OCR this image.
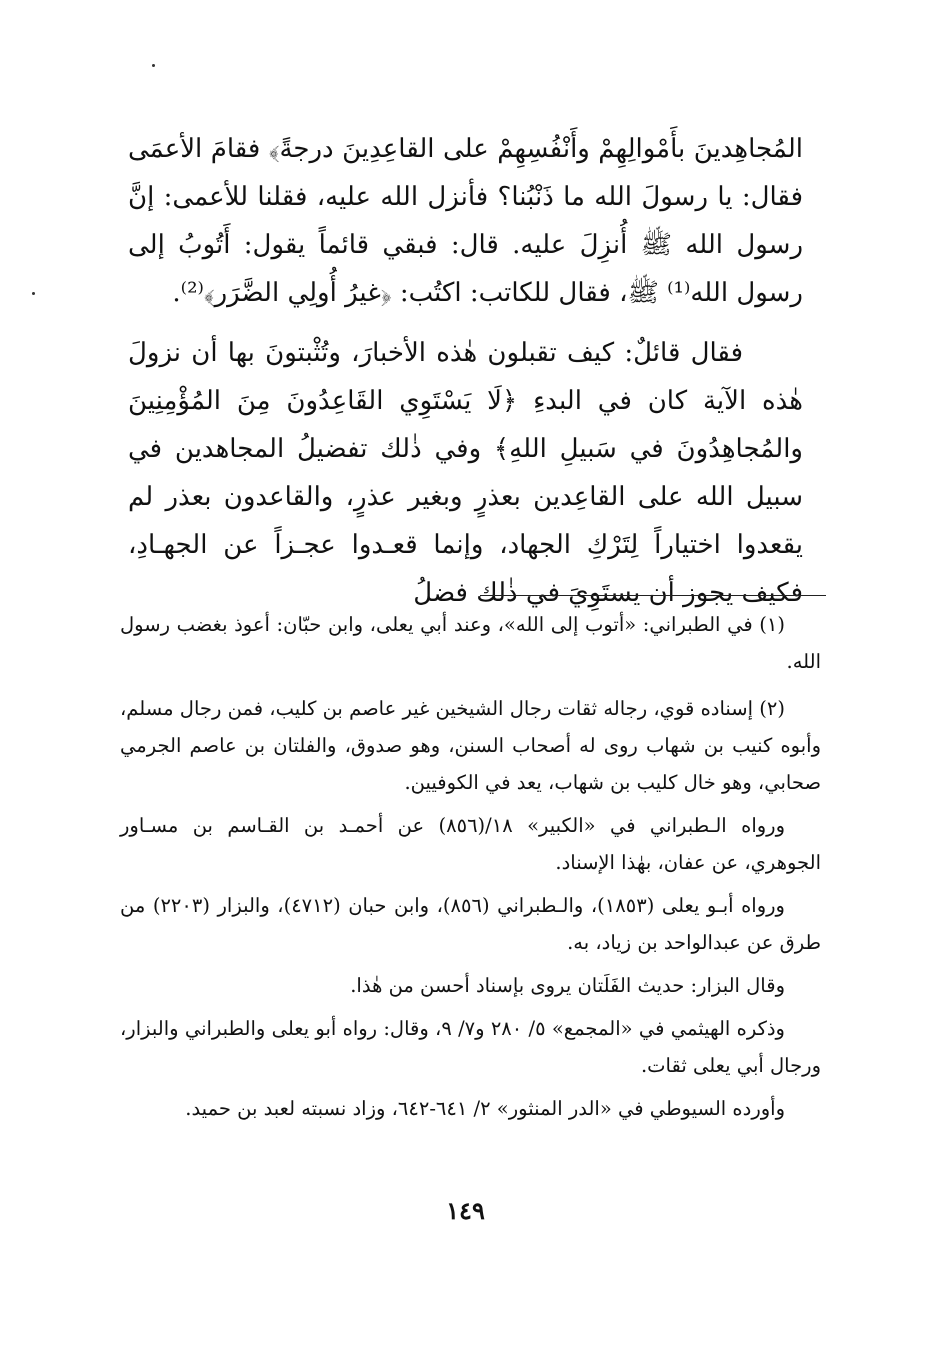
المُجاهِدينَ بأَمْوالِهِمْ وأَنْفُسِهِمْ على القاعِدِينَ درجةً﴾ فقامَ الأعمَى فقال: يا رسولَ الله ما ذَنْبُنا؟ فأنزل الله عليه، فقلنا للأعمى: إنَّ رسول الله ﷺ أُنزِلَ عليه. قال: فبقي قائماً يقول: أَتُوبُ إلى رسول الله⁽¹⁾ ﷺ، فقال للكاتب: اكتُب: ﴿غيرُ أُولِي الضَّرَر﴾⁽²⁾.

فقال قائلٌ: كيف تقبلون هٰذه الأخبارَ، وتُثْبتونَ بها أن نزولَ هٰذه الآية كان في البدءِ ﴿لَا يَسْتَوِي القَاعِدُونَ مِنَ المُؤْمِنِينَ والمُجاهِدُونَ في سَبيلِ اللهِ﴾ وفي ذٰلك تفضيلُ المجاهدين في سبيل الله على القاعِدين بعذرٍ وبغير عذرٍ، والقاعدون بعذر لم يقعدوا اختياراً لِتَرْكِ الجهاد، وإنما قعـدوا عجـزاً عن الجهـادِ، فكيف يجوز أن يستَوِيَ في ذٰلك فضلُ

(١) في الطبراني: «أتوب إلى الله»، وعند أبي يعلى، وابن حبّان: أعوذ بغضب رسول الله.

(٢) إسناده قوي، رجاله ثقات رجال الشيخين غير عاصم بن كليب، فمن رجال مسلم، وأبوه كنيب بن شهاب روى له أصحاب السنن، وهو صدوق، والفلتان بن عاصم الجرمي صحابي، وهو خال كليب بن شهاب، يعد في الكوفيين.

ورواه الـطبراني في «الكبير» ١٨/(٨٥٦) عن أحمـد بن القـاسم بن مسـاور الجوهري، عن عفان، بهٰذا الإسناد.

ورواه أبـو يعلى (١٨٥٣)، والـطبراني (٨٥٦)، وابن حبان (٤٧١٢)، والبزار (٢٢٠٣) من طرق عن عبدالواحد بن زياد، به.

وقال البزار: حديث الفَلَتان يروى بإسناد أحسن من هٰذا.

وذكره الهيثمي في «المجمع» ٥/ ٢٨٠ و٧/ ٩، وقال: رواه أبو يعلى والطبراني والبزار، ورجال أبي يعلى ثقات.

وأورده السيوطي في «الدر المنثور» ٢/ ٦٤١-٦٤٢، وزاد نسبته لعبد بن حميد.

١٤٩
